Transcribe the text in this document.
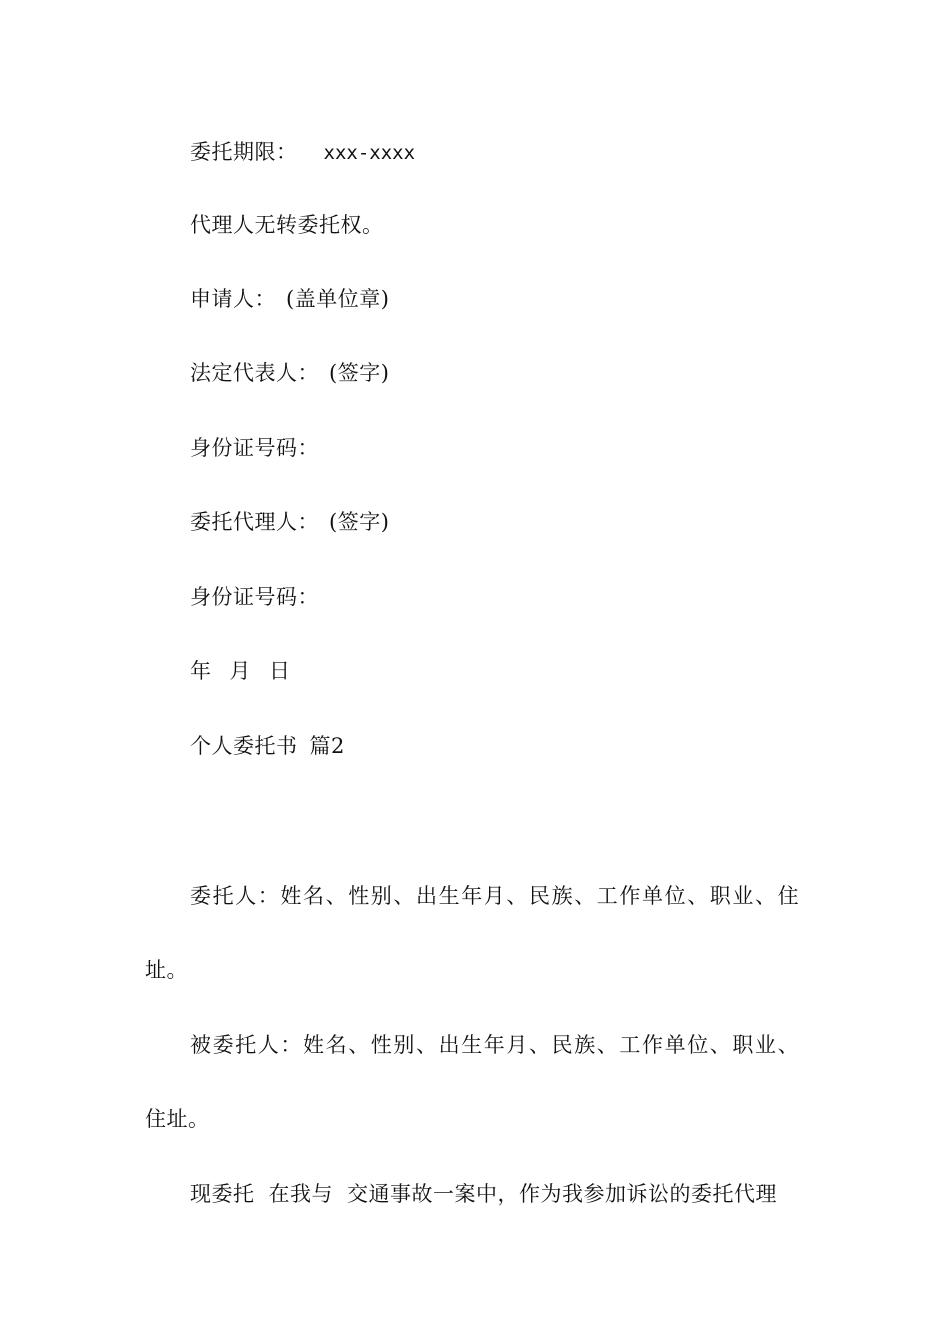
委托期限： xxx-xxxx
代理人无转委托权。
申请人： (盖单位章)
法定代表人： (签字)
身份证号码：
委托代理人： (签字)
身份证号码：
年 月 日
个人委托书 篇2
委托人：姓名、性别、出生年月、民族、工作单位、职业、住
址。
被委托人：姓名、性别、出生年月、民族、工作单位、职业、
住址。
现委托 在我与 交通事故一案中，作为我参加诉讼的委托代理
